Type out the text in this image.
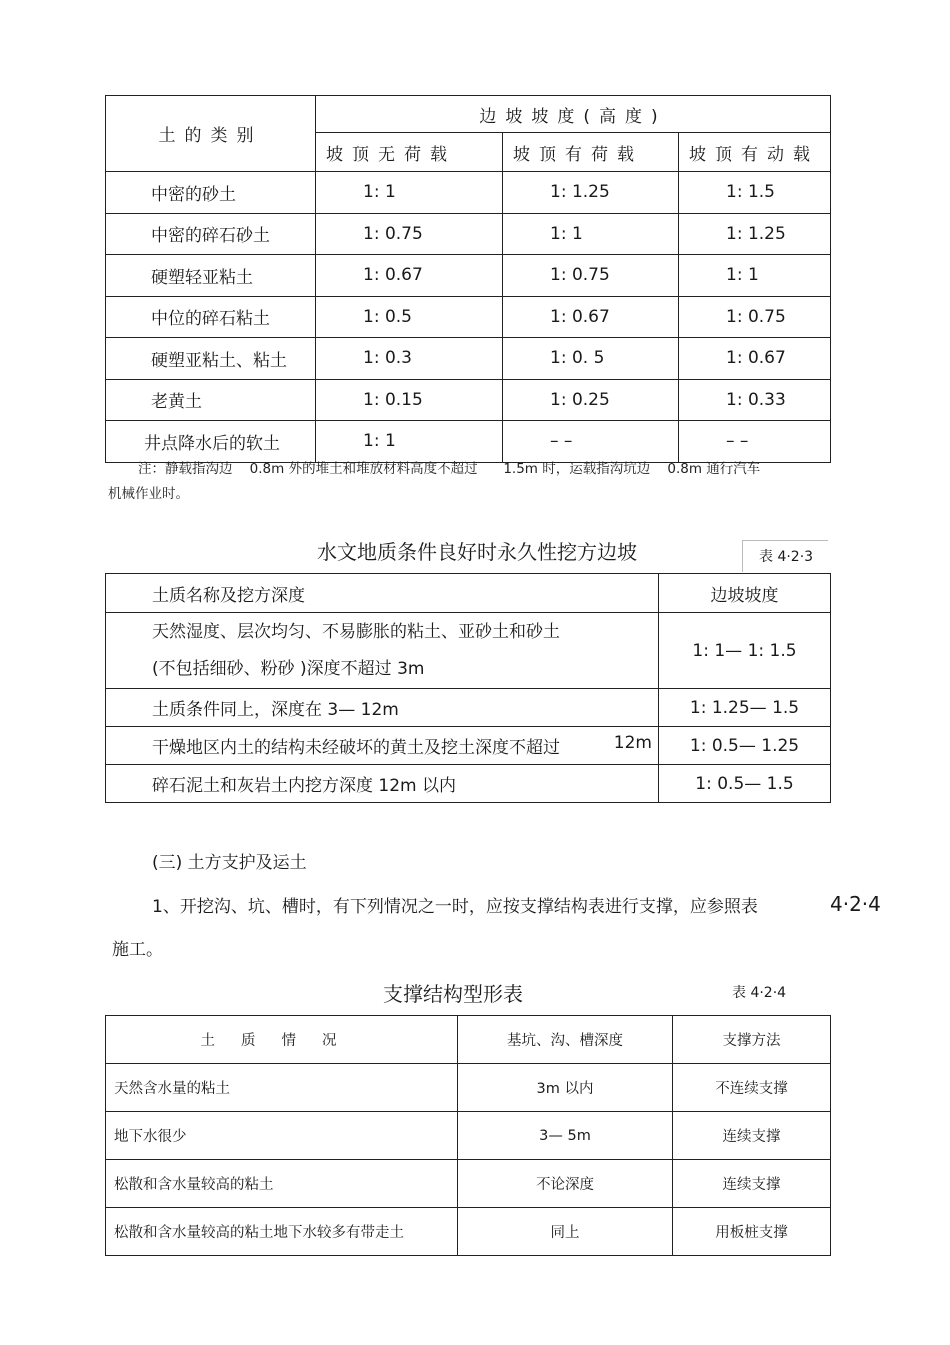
土的类别	边坡坡度(高度)		
	坡顶无荷载	坡顶有荷载	坡顶有动载
中密的砂土	1: 1	1: 1.25	1: 1.5
中密的碎石砂土	1: 0.75	1: 1	1: 1.25
硬塑轻亚粘土	1: 0.67	1: 0.75	1: 1
中位的碎石粘土	1: 0.5	1: 0.67	1: 0.75
硬塑亚粘土、粘土	1: 0.3	1: 0. 5	1: 0.67
老黄土	1: 0.15	1: 0.25	1: 0.33
井点降水后的软土	1: 1	– –	– –
注：静载指沟边    0.8m 外的堆土和堆放材料高度不超过      1.5m 时，运载指沟坑边    0.8m 通行汽车
机械作业时。
水文地质条件良好时永久性挖方边坡	表 4·2·3
土质名称及挖方深度	边坡坡度

天然湿度、层次均匀、不易膨胀的粘土、亚砂土和砂土
(不包括细砂、粉砂 )深度不超过 3m	1: 1— 1: 1.5
土质条件同上，深度在 3— 12m	1: 1.25— 1.5

干燥地区内土的结构未经破坏的黄土及挖土深度不超过 12m	1: 0.5— 1.25
碎石泥土和灰岩土内挖方深度 12m 以内	1: 0.5— 1.5
(三) 土方支护及运土
1、开挖沟、坑、槽时，有下列情况之一时，应按支撑结构表进行支撑，应参照表	4·2·4
施工。
支撑结构型形表	表 4·2·4
土质情况	基坑、沟、槽深度	支撑方法
天然含水量的粘土	3m 以内	不连续支撑
地下水很少	3— 5m	连续支撑
松散和含水量较高的粘土	不论深度	连续支撑
松散和含水量较高的粘土地下水较多有带走土	同上	用板桩支撑
